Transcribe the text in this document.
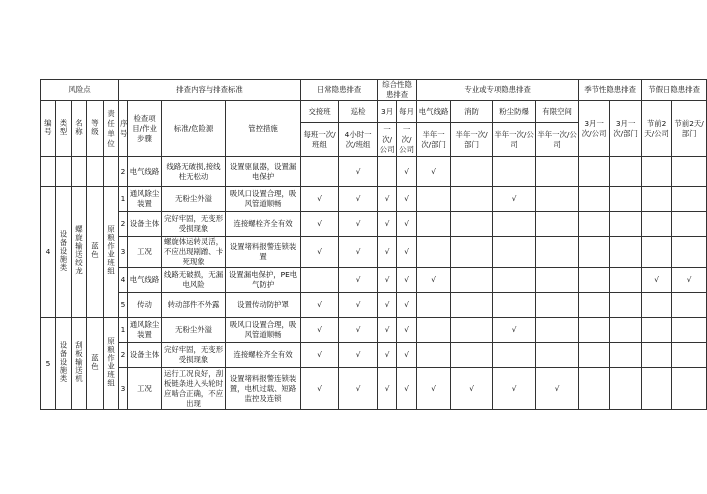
风险点					排查内容与排查标准				日常隐患排查		综合性隐患排查		专业或专项隐患排查				季节性隐患排查		节假日隐患排查	
编号	类型	名称	等级	责任单位	序号	检查项目/作业步骤	标准/危险源	管控措施	交接班	巡检	3月	每月	电气线路	消防	粉尘防爆	有限空间	3月一次/公司	3月一次/部门	节前2天/公司	节前2天/部门
									每班一次/班组	4小时一次/班组	一次/公司	一次/公司	半年一次/部门	半年一次/部门	半年一次/公司	半年一次/公司				
					2	电气线路	线路无破损,接线柱无松动	设置驱鼠器，设置漏电保护		√		√	√							
4	设备设施类	螺旋输送绞龙	蓝色	原粮作业班组	1	通风除尘装置	无粉尘外溢	吸风口设置合理，吸风管道顺畅	√	√	√	√			√					
					2	设备主体	完好牢固，无变形受损现象	连接螺栓齐全有效	√	√	√	√								
					3	工况	螺旋体运转灵活，不应出现剐蹭、卡死现象	设置堵料报警连锁装置	√	√	√	√								
					4	电气线路	线路无破损，无漏电风险	设置漏电保护，PE电气防护		√	√	√	√						√	√
					5	传动	转动部件不外露	设置传动防护罩	√	√	√	√								
5	设备设施类	刮板输送机	蓝色	原粮作业班组	1	通风除尘装置	无粉尘外溢	吸风口设置合理，吸风管道顺畅	√	√	√	√			√					
					2	设备主体	完好牢固，无变形受损现象	连接螺栓齐全有效	√	√	√	√								
					3	工况	运行工况良好，刮板链条进入头轮时应啮合正确，不应出现	设置堵料报警连锁装置，电机过载、短路监控及连锁	√	√	√	√	√	√	√	√				
